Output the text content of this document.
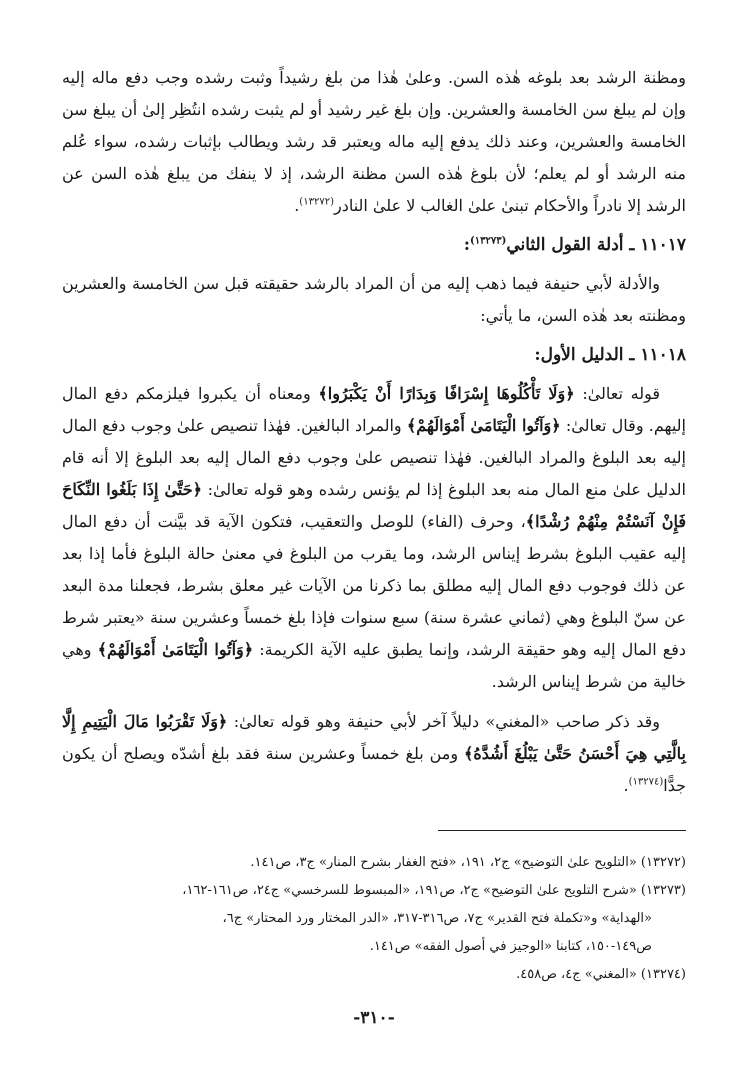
ومظنة الرشد بعد بلوغه هٰذه السن. وعلىٰ هٰذا من بلغ رشيداً وثبت رشده وجب دفع ماله إليه وإن لم يبلغ سن الخامسة والعشرين. وإن بلغ غير رشيد أو لم يثبت رشده انتُظِر إلىٰ أن يبلغ سن الخامسة والعشرين، وعند ذلك يدفع إليه ماله ويعتبر قد رشد ويطالب بإثبات رشده، سواء عُلم منه الرشد أو لم يعلم؛ لأن بلوغ هٰذه السن مظنة الرشد، إذ لا ينفك من يبلغ هٰذه السن عن الرشد إلا نادراً والأحكام تبنىٰ علىٰ الغالب لا علىٰ النادر$^{(١٣٢٧٢)}$.

١١٠١٧ ـ أدلة القول الثاني$^{(١٣٢٧٣)}$:

والأدلة لأبي حنيفة فيما ذهب إليه من أن المراد بالرشد حقيقته قبل سن الخامسة والعشرين ومظنته بعد هٰذه السن، ما يأتي:

١١٠١٨ ـ الدليل الأول:

قوله تعالىٰ: ﴿وَلَا تَأْكُلُوهَا إِسْرَافًا وَبِدَارًا أَنْ يَكْبَرُوا﴾ ومعناه أن يكبروا فيلزمكم دفع المال إليهم. وقال تعالىٰ: ﴿وَآتُوا الْيَتَامَىٰ أَمْوَالَهُمْ﴾ والمراد البالغين. فهٰذا تنصيص علىٰ وجوب دفع المال إليه بعد البلوغ والمراد البالغين. فهٰذا تنصيص علىٰ وجوب دفع المال إليه بعد البلوغ إلا أنه قام الدليل علىٰ منع المال منه بعد البلوغ إذا لم يؤنس رشده وهو قوله تعالىٰ: ﴿حَتَّىٰ إِذَا بَلَغُوا النِّكَاحَ فَإِنْ آنَسْتُمْ مِنْهُمْ رُشْدًا﴾، وحرف (الفاء) للوصل والتعقيب، فتكون الآية قد بيَّنت أن دفع المال إليه عقيب البلوغ بشرط إيناس الرشد، وما يقرب من البلوغ في معنىٰ حالة البلوغ فأما إذا بعد عن ذلك فوجوب دفع المال إليه مطلق بما ذكرنا من الآيات غير معلق بشرط، فجعلنا مدة البعد عن سنّ البلوغ وهي (ثماني عشرة سنة) سبع سنوات فإذا بلغ خمساً وعشرين سنة «يعتبر شرط دفع المال إليه وهو حقيقة الرشد، وإنما يطبق عليه الآية الكريمة: ﴿وَآتُوا الْيَتَامَىٰ أَمْوَالَهُمْ﴾ وهي خالية من شرط إيناس الرشد.

وقد ذكر صاحب «المغني» دليلاً آخر لأبي حنيفة وهو قوله تعالىٰ: ﴿وَلَا تَقْرَبُوا مَالَ الْيَتِيمِ إِلَّا بِالَّتِي هِيَ أَحْسَنُ حَتَّىٰ يَبْلُغَ أَشُدَّهُ﴾ ومن بلغ خمساً وعشرين سنة فقد بلغ أشدّه ويصلح أن يكون جدًّا$^{(١٣٢٧٤)}$.

(١٣٢٧٢) «التلويح علىٰ التوضيح» ج٢، ١٩١، «فتح الغفار بشرح المنار» ج٣، ص١٤١.

(١٣٢٧٣) «شرح التلويح علىٰ التوضيح» ج٢، ص١٩١، «المبسوط للسرخسي» ج٢٤، ص١٦١-١٦٢،

«الهداية» و«تكملة فتح القدير» ج٧، ص٣١٦-٣١٧، «الدر المختار ورد المحتار» ج٦،

ص١٤٩-١٥٠، كتابنا «الوجيز في أصول الفقه» ص١٤١.

(١٣٢٧٤) «المغني» ج٤، ص٤٥٨.

-٣١٠-
